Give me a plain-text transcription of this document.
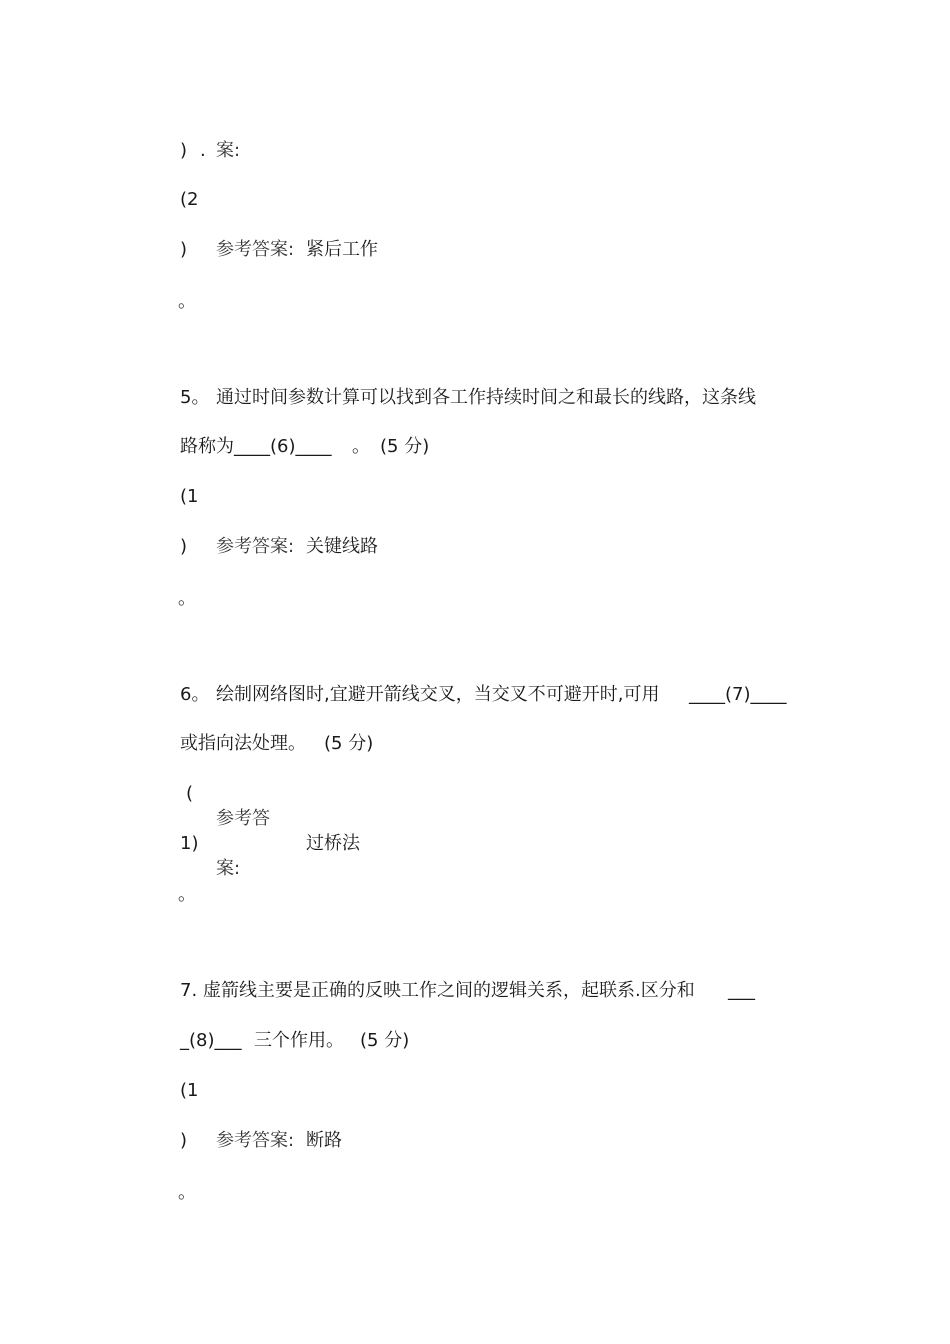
) . 案:
(2
) 参考答案: 紧后工作
。
5。 通过时间参数计算可以找到各工作持续时间之和最长的线路，这条线
路称为 ____(6)____ 。 (5 分)
(1
) 参考答案: 关键线路
。
6。 绘制网络图时,宜避开箭线交叉，当交叉不可避开时,可用 ____(7)____
或指向法处理。 (5 分)
(
参考答
1)	过桥法
案:
。
7. 虚箭线主要是正确的反映工作之间的逻辑关系，起联系.区分和 ___
_(8)___ 三个作用。 (5 分)
(1
) 参考答案: 断路
。
